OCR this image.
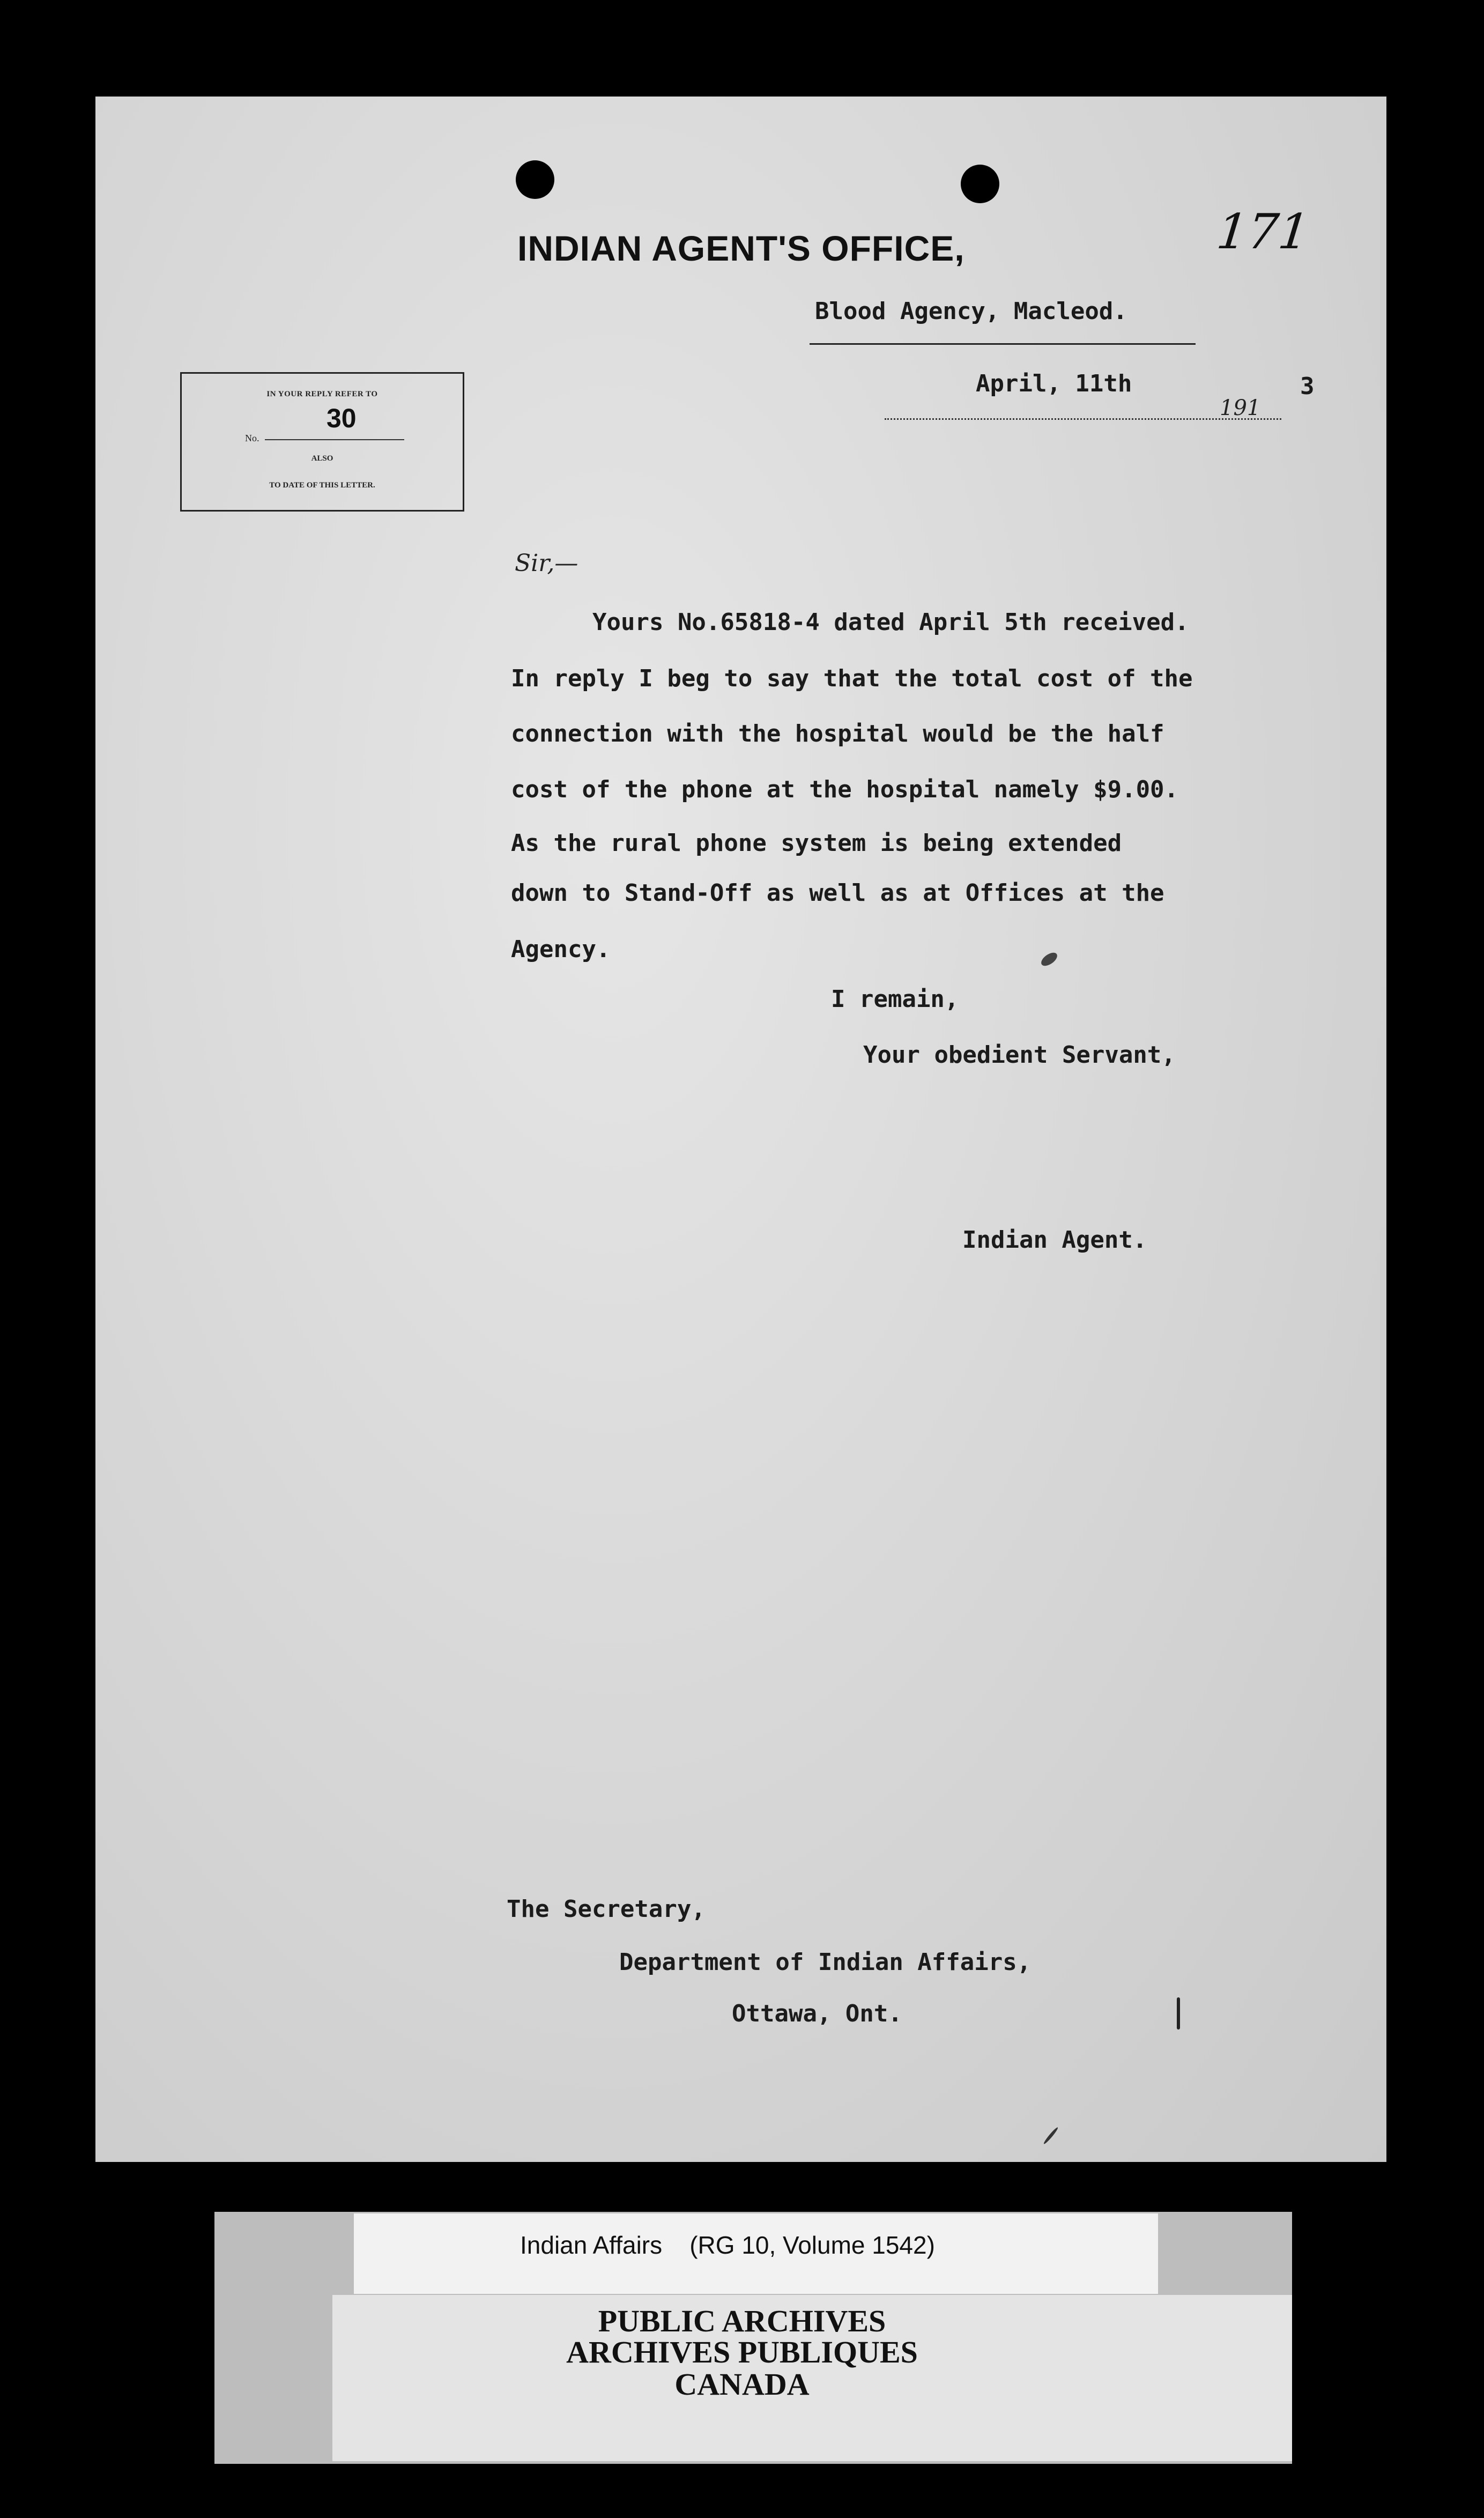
171
INDIAN AGENT'S OFFICE,
Blood Agency, Macleod.
April, 11th	3
191
IN YOUR REPLY REFER TO
30
No.
ALSO
TO DATE OF THIS LETTER.
Sir,—
Yours No.65818-4 dated April 5th received.
In reply I beg to say that the total cost of the
connection with the hospital would be the half
cost of the phone at the hospital namely $9.00.
As the rural phone system is being extended
down to Stand-Off as well as at Offices at the
Agency.
I remain,
Your obedient Servant,
Indian Agent.
The Secretary,
Department of Indian Affairs,
Ottawa, Ont.
Indian Affairs (RG 10, Volume 1542)
PUBLIC ARCHIVES
ARCHIVES PUBLIQUES
CANADA
